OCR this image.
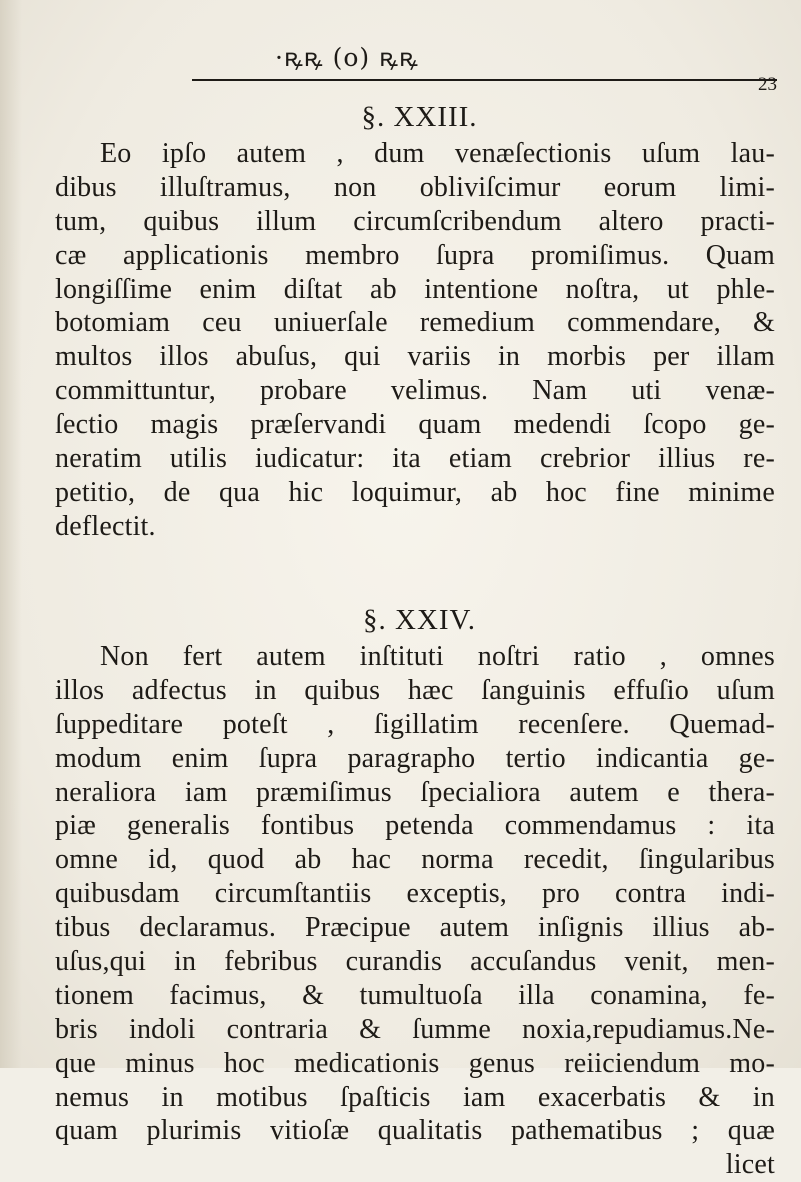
·ꝶꝶ (o) ꝶꝶ
23
§. XXIII.
Eo ipſo autem , dum venæſectionis uſum lau-
dibus illuſtramus, non obliviſcimur eorum limi-
tum, quibus illum circumſcribendum altero practi-
cæ applicationis membro ſupra promiſimus. Quam
longiſſime enim diſtat ab intentione noſtra, ut phle-
botomiam ceu uniuerſale remedium commendare, &
multos illos abuſus, qui variis in morbis per illam
committuntur, probare velimus. Nam uti venæ-
ſectio magis præſervandi quam medendi ſcopo ge-
neratim utilis iudicatur: ita etiam crebrior illius re-
petitio, de qua hic loquimur, ab hoc fine minime
deflectit.
§. XXIV.
Non fert autem inſtituti noſtri ratio , omnes
illos adfectus in quibus hæc ſanguinis effuſio uſum
ſuppeditare poteſt , ſigillatim recenſere. Quemad-
modum enim ſupra paragrapho tertio indicantia ge-
neraliora iam præmiſimus ſpecialiora autem e thera-
piæ generalis fontibus petenda commendamus : ita
omne id, quod ab hac norma recedit, ſingularibus
quibusdam circumſtantiis exceptis, pro contra indi-
tibus declaramus. Præcipue autem inſignis illius ab-
uſus,qui in febribus curandis accuſandus venit, men-
tionem facimus, & tumultuoſa illa conamina, fe-
bris indoli contraria & ſumme noxia,repudiamus.Ne-
que minus hoc medicationis genus reiiciendum mo-
nemus in motibus ſpaſticis iam exacerbatis & in
quam plurimis vitioſæ qualitatis pathematibus ; quæ
licet
